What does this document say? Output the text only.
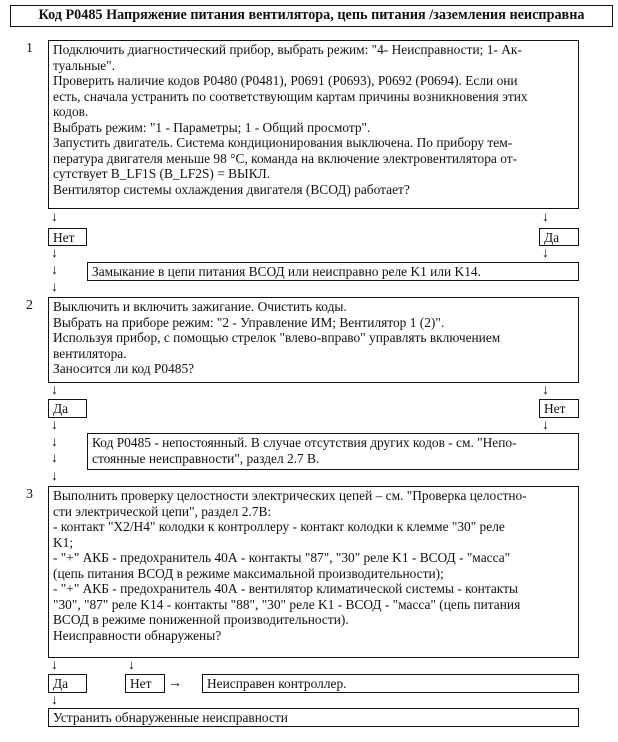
Код P0485 Напряжение питания вентилятора, цепь питания /заземления неисправна
1 Подключить диагностический прибор, выбрать режим: "4- Неисправности; 1- Ак-
туальные".
Проверить наличие кодов P0480 (P0481), P0691 (P0693), P0692 (P0694). Если они
есть, сначала устранить по соответствующим картам причины возникновения этих
кодов.
Выбрать режим: "1 - Параметры; 1 - Общий просмотр".
Запустить двигатель. Система кондиционирования выключена. По прибору тем-
пература двигателя меньше 98 °С, команда на включение электровентилятора от-
сутствует B_LF1S (B_LF2S) = ВЫКЛ.
Вентилятор системы охлаждения двигателя (ВСОД) работает?
↓	↓
Нет	Да
↓	↓
↓	Замыкание в цепи питания ВСОД или неисправно реле K1 или K14.
↓
2 Выключить и включить зажигание. Очистить коды.
Выбрать на приборе режим: "2 - Управление ИМ; Вентилятор 1 (2)".
Используя прибор, с помощью стрелок "влево-вправо" управлять включением
вентилятора.
Заносится ли код P0485?
↓	↓
Да	Нет
↓	↓
↓
↓
Код P0485 - непостоянный. В случае отсутствия других кодов - см. "Непо-
стоянные неисправности", раздел 2.7 В.
↓
3 Выполнить проверку целостности электрических цепей – см. "Проверка целостно-
сти электрической цепи", раздел 2.7В:
- контакт "X2/H4" колодки к контроллеру - контакт колодки к клемме "30" реле
K1;
- "+" АКБ - предохранитель 40А - контакты "87", "30" реле K1 - ВСОД - "масса"
(цепь питания ВСОД в режиме максимальной производительности);
- "+" АКБ - предохранитель 40А - вентилятор климатической системы - контакты
"30", "87" реле K14 - контакты "88", "30" реле K1 - ВСОД - "масса" (цепь питания
ВСОД в режиме пониженной производительности).
Неисправности обнаружены?
↓	↓
Да	Нет	→	Неисправен контроллер.
↓
Устранить обнаруженные неисправности
